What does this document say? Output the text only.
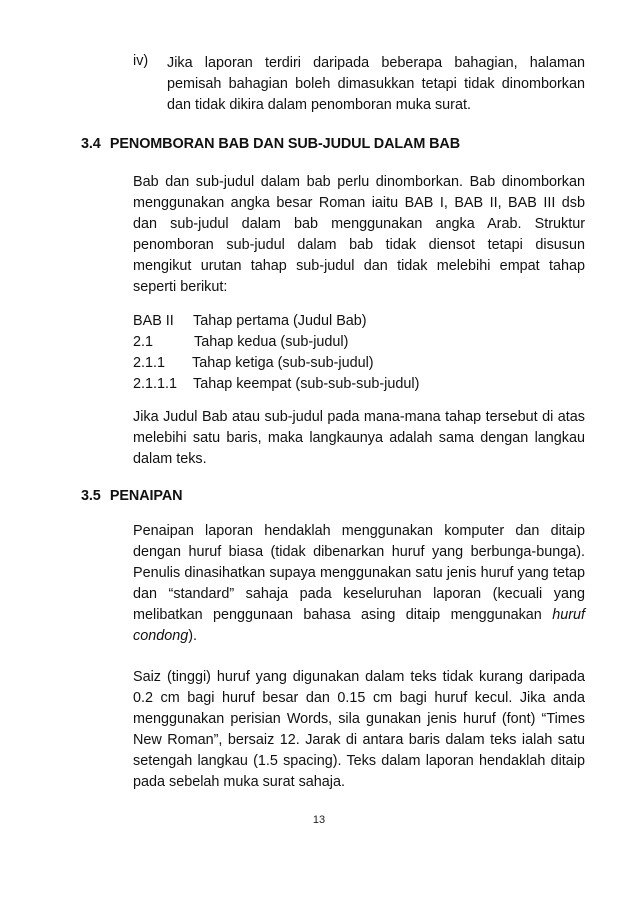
iv) Jika laporan terdiri daripada beberapa bahagian, halaman pemisah bahagian boleh dimasukkan tetapi tidak dinomborkan dan tidak dikira dalam penomboran muka surat.
3.4 PENOMBORAN BAB DAN SUB-JUDUL DALAM BAB

Bab dan sub-judul dalam bab perlu dinomborkan. Bab dinomborkan menggunakan angka besar Roman iaitu BAB I, BAB II, BAB III dsb dan sub-judul dalam bab menggunakan angka Arab. Struktur penomboran sub-judul dalam bab tidak diensot tetapi disusun mengikut urutan tahap sub-judul dan tidak melebihi empat tahap seperti berikut:

BAB II Tahap pertama (Judul Bab)
2.1	Tahap kedua (sub-judul)
2.1.1 Tahap ketiga (sub-sub-judul)
2.1.1.1 Tahap keempat (sub-sub-sub-judul)

Jika Judul Bab atau sub-judul pada mana-mana tahap tersebut di atas melebihi satu baris, maka langkaunya adalah sama dengan langkau dalam teks.

3.5 PENAIPAN

Penaipan laporan hendaklah menggunakan komputer dan ditaip dengan huruf biasa (tidak dibenarkan huruf yang berbunga-bunga). Penulis dinasihatkan supaya menggunakan satu jenis huruf yang tetap dan “standard” sahaja pada keseluruhan laporan (kecuali yang melibatkan penggunaan bahasa asing ditaip menggunakan huruf condong).

Saiz (tinggi) huruf yang digunakan dalam teks tidak kurang daripada 0.2 cm bagi huruf besar dan 0.15 cm bagi huruf kecul. Jika anda menggunakan perisian Words, sila gunakan jenis huruf (font) “Times New Roman”, bersaiz 12. Jarak di antara baris dalam teks ialah satu setengah langkau (1.5 spacing). Teks dalam laporan hendaklah ditaip pada sebelah muka surat sahaja.

13
